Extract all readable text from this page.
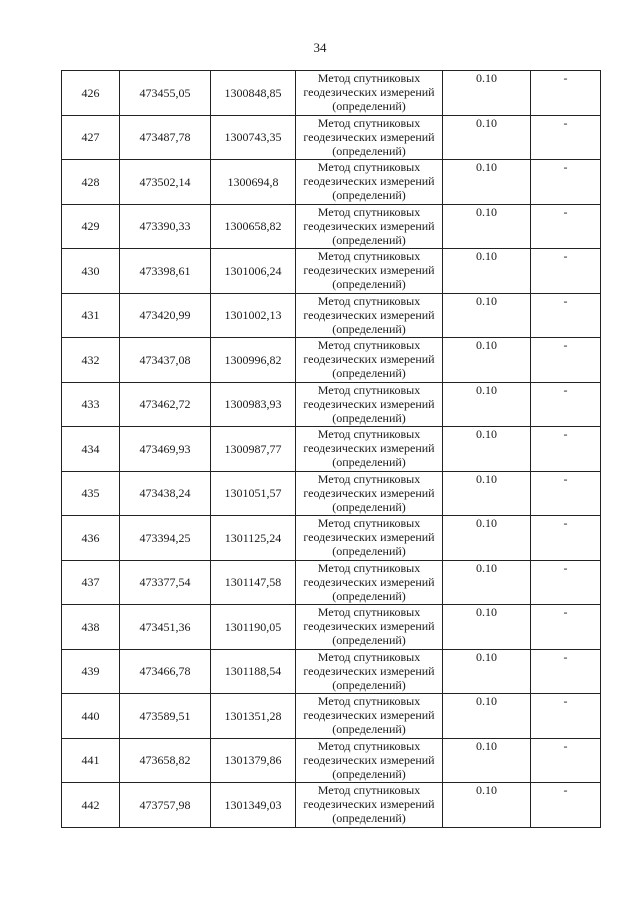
34
426	473455,05	1300848,85	Метод спутниковых геодезических измерений (определений)	0.10	-
427	473487,78	1300743,35	Метод спутниковых геодезических измерений (определений)	0.10	-
428	473502,14	1300694,8	Метод спутниковых геодезических измерений (определений)	0.10	-
429	473390,33	1300658,82	Метод спутниковых геодезических измерений (определений)	0.10	-
430	473398,61	1301006,24	Метод спутниковых геодезических измерений (определений)	0.10	-
431	473420,99	1301002,13	Метод спутниковых геодезических измерений (определений)	0.10	-
432	473437,08	1300996,82	Метод спутниковых геодезических измерений (определений)	0.10	-
433	473462,72	1300983,93	Метод спутниковых геодезических измерений (определений)	0.10	-
434	473469,93	1300987,77	Метод спутниковых геодезических измерений (определений)	0.10	-
435	473438,24	1301051,57	Метод спутниковых геодезических измерений (определений)	0.10	-
436	473394,25	1301125,24	Метод спутниковых геодезических измерений (определений)	0.10	-
437	473377,54	1301147,58	Метод спутниковых геодезических измерений (определений)	0.10	-
438	473451,36	1301190,05	Метод спутниковых геодезических измерений (определений)	0.10	-
439	473466,78	1301188,54	Метод спутниковых геодезических измерений (определений)	0.10	-
440	473589,51	1301351,28	Метод спутниковых геодезических измерений (определений)	0.10	-
441	473658,82	1301379,86	Метод спутниковых геодезических измерений (определений)	0.10	-
442	473757,98	1301349,03	Метод спутниковых геодезических измерений (определений)	0.10	-
